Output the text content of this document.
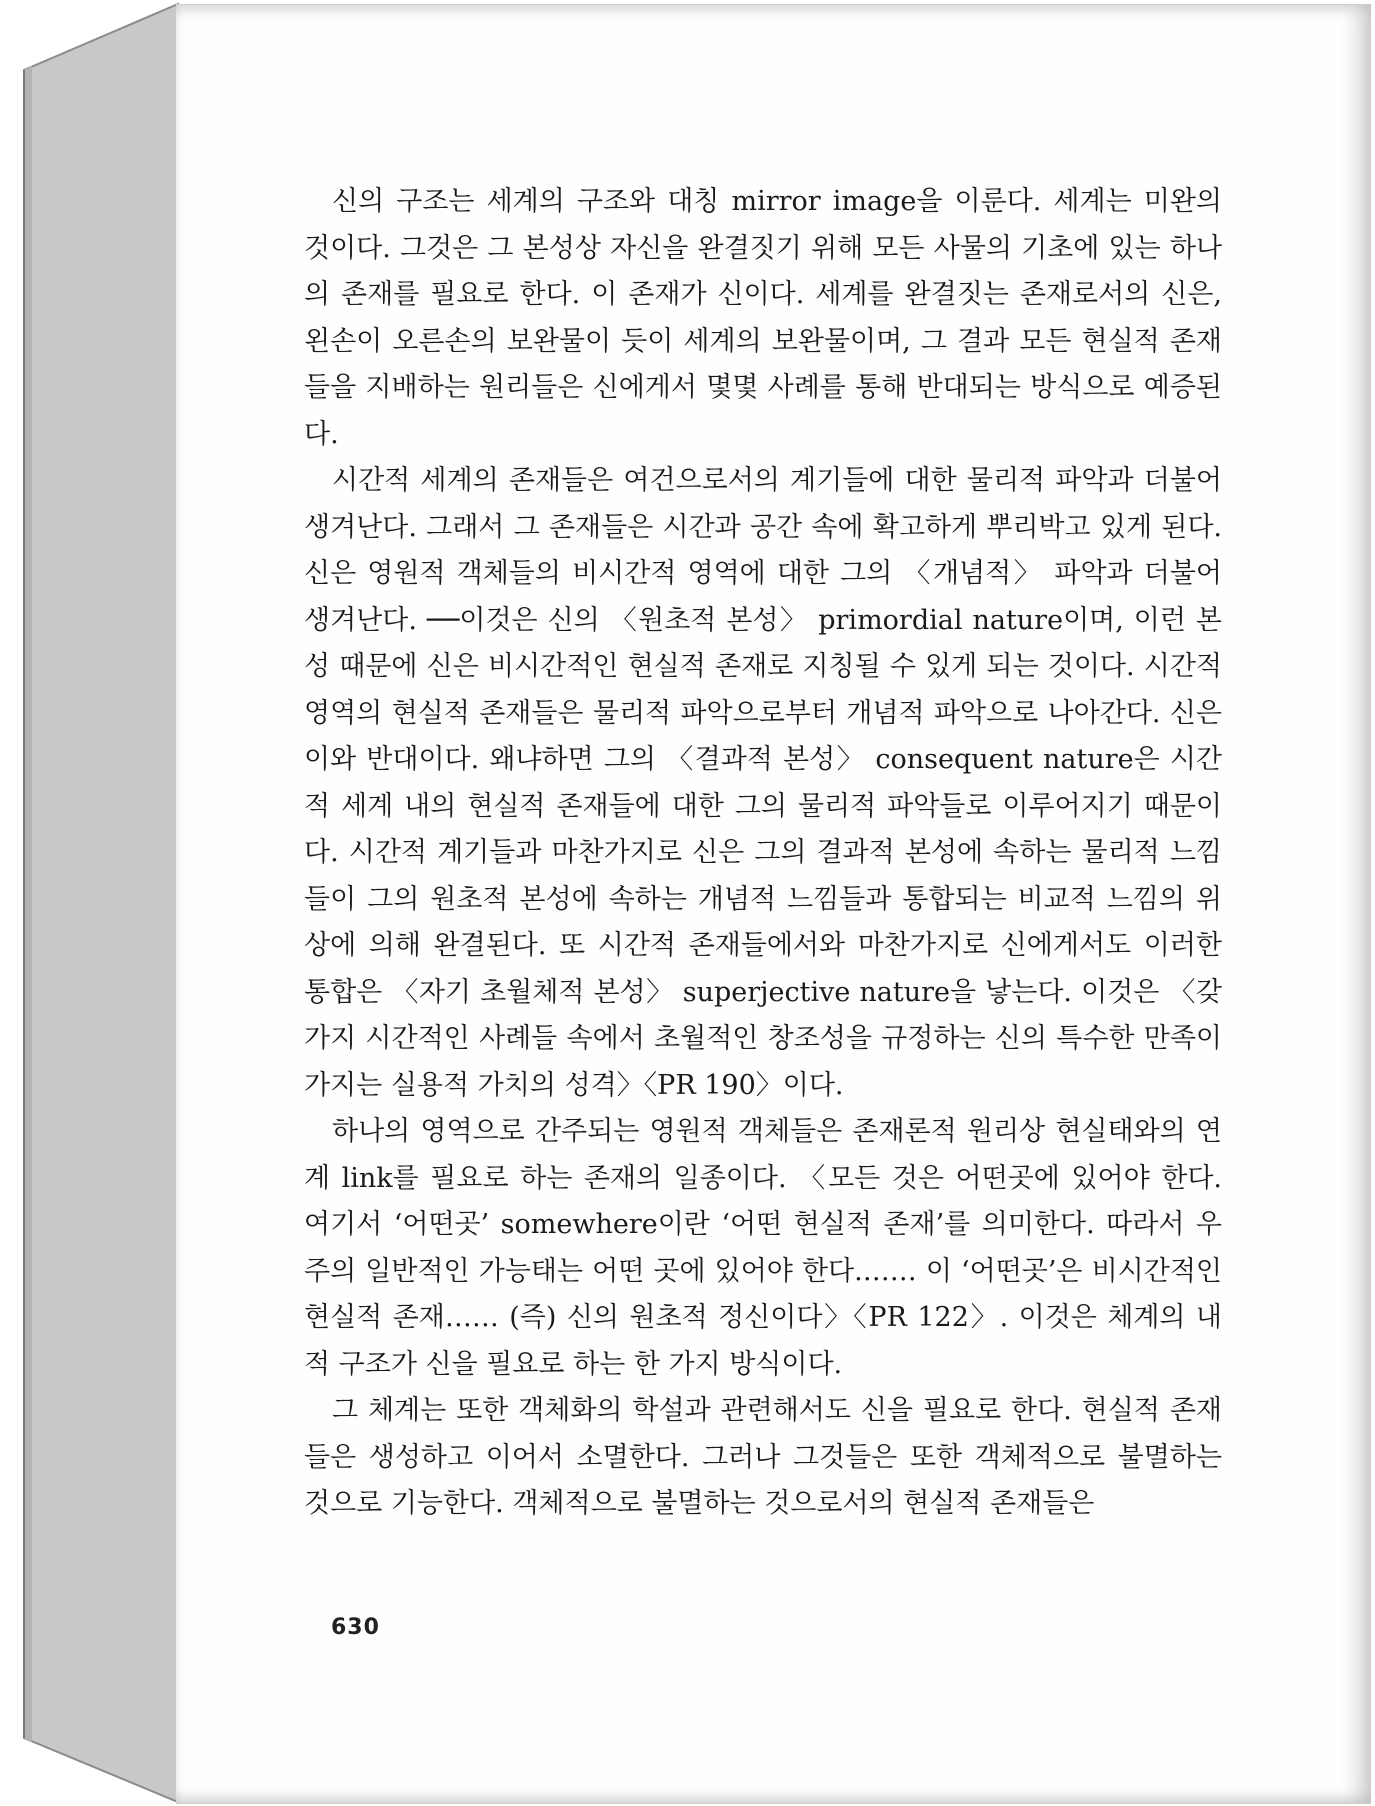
신의 구조는 세계의 구조와 대칭 mirror image을 이룬다. 세계는 미완의 것이다. 그것은 그 본성상 자신을 완결짓기 위해 모든 사물의 기초에 있는 하나의 존재를 필요로 한다. 이 존재가 신이다. 세계를 완결짓는 존재로서의 신은, 왼손이 오른손의 보완물이 듯이 세계의 보완물이며, 그 결과 모든 현실적 존재들을 지배하는 원리들은 신에게서 몇몇 사례를 통해 반대되는 방식으로 예증된다.

시간적 세계의 존재들은 여건으로서의 계기들에 대한 물리적 파악과 더불어 생겨난다. 그래서 그 존재들은 시간과 공간 속에 확고하게 뿌리박고 있게 된다. 신은 영원적 객체들의 비시간적 영역에 대한 그의 〈개념적〉 파악과 더불어 생겨난다. ──이것은 신의 〈원초적 본성〉 primordial nature이며, 이런 본성 때문에 신은 비시간적인 현실적 존재로 지칭될 수 있게 되는 것이다. 시간적 영역의 현실적 존재들은 물리적 파악으로부터 개념적 파악으로 나아간다. 신은 이와 반대이다. 왜냐하면 그의 〈결과적 본성〉 consequent nature은 시간적 세계 내의 현실적 존재들에 대한 그의 물리적 파악들로 이루어지기 때문이다. 시간적 계기들과 마찬가지로 신은 그의 결과적 본성에 속하는 물리적 느낌들이 그의 원초적 본성에 속하는 개념적 느낌들과 통합되는 비교적 느낌의 위상에 의해 완결된다. 또 시간적 존재들에서와 마찬가지로 신에게서도 이러한 통합은 〈자기 초월체적 본성〉 superjective nature을 낳는다. 이것은 〈갖가지 시간적인 사례들 속에서 초월적인 창조성을 규정하는 신의 특수한 만족이 가지는 실용적 가치의 성격〉〈PR 190〉이다.

하나의 영역으로 간주되는 영원적 객체들은 존재론적 원리상 현실태와의 연계 link를 필요로 하는 존재의 일종이다. 〈모든 것은 어떤곳에 있어야 한다. 여기서 ‘어떤곳’ somewhere이란 ‘어떤 현실적 존재’를 의미한다. 따라서 우주의 일반적인 가능태는 어떤 곳에 있어야 한다.…… 이 ‘어떤곳’은 비시간적인 현실적 존재…… (즉) 신의 원초적 정신이다〉〈PR 122〉. 이것은 체계의 내적 구조가 신을 필요로 하는 한 가지 방식이다.

그 체계는 또한 객체화의 학설과 관련해서도 신을 필요로 한다. 현실적 존재들은 생성하고 이어서 소멸한다. 그러나 그것들은 또한 객체적으로 불멸하는 것으로 기능한다. 객체적으로 불멸하는 것으로서의 현실적 존재들은

630
